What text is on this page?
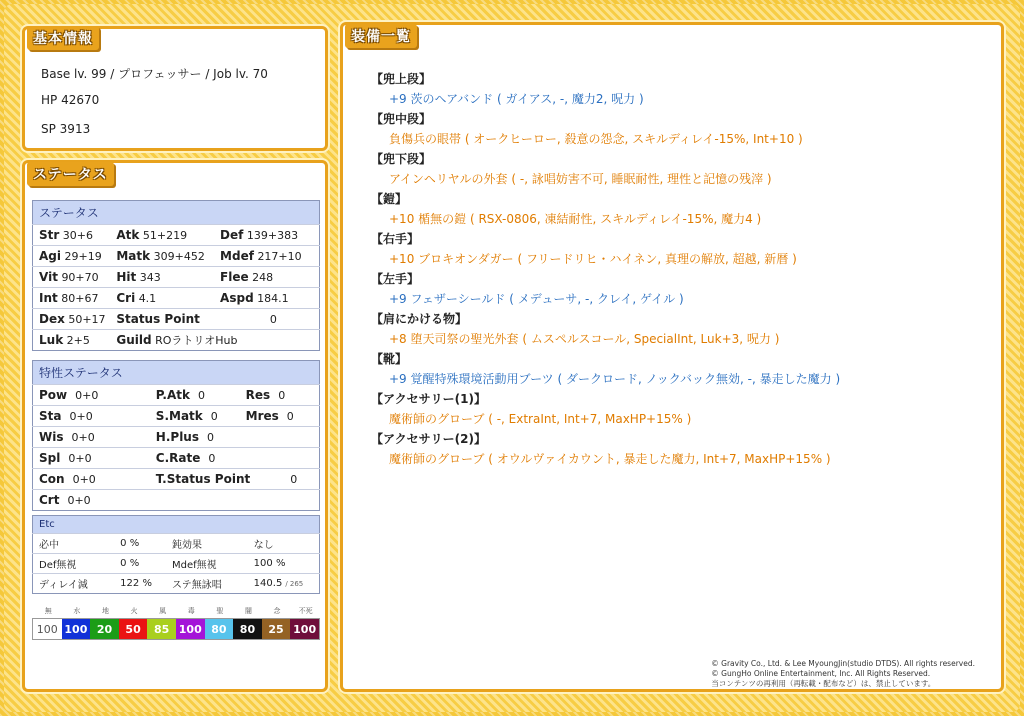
基本情報
Base lv. 99 / プロフェッサー / Job lv. 70
HP 42670
SP 3913
ステータス
ステータス		
Str 30+6	Atk 51+219	Def 139+383
Agi 29+19	Matk 309+452	Mdef 217+10
Vit 90+70	Hit 343	Flee 248
Int 80+67	Cri 4.1	Aspd 184.1
Dex 50+17	Status Point 0	
Luk 2+5	Guild ROラトリオHub	
特性ステータス		
Pow 0+0	P.Atk 0	Res 0
Sta 0+0	S.Matk 0	Mres 0
Wis 0+0	H.Plus 0	
Spl 0+0	C.Rate 0	
Con 0+0	T.Status Point 0	
Crt 0+0		
Etc			
必中	0 %	鈍効果	なし
Def無視	0 %	Mdef無視	100 %
ディレイ減	122 %	ステ無詠唱	140.5 / 265
無	水	地	火	風	毒	聖	闇	念	不死
100 100 20	50	85 100 80	80	25 100
装備一覧
【兜上段】
+9 茨のヘアバンド ( ガイアス, -, 魔力2, 呪力 )
【兜中段】
負傷兵の眼帯 ( オークヒーロー, 殺意の怨念, スキルディレイ-15%, Int+10 )
【兜下段】
アインヘリヤルの外套 ( -, 詠唱妨害不可, 睡眠耐性, 理性と記憶の残滓 )
【鎧】
+10 楯無の鎧 ( RSX-0806, 凍結耐性, スキルディレイ-15%, 魔力4 )
【右手】
+10 ブロキオンダガー ( フリードリヒ・ハイネン, 真理の解放, 超越, 新暦 )
【左手】
+9 フェザーシールド ( メデューサ, -, クレイ, ゲイル )
【肩にかける物】
+8 堕天司祭の聖光外套 ( ムスペルスコール, SpecialInt, Luk+3, 呪力 )
【靴】
+9 覚醒特殊環境活動用ブーツ ( ダークロード, ノックバック無効, -, 暴走した魔力 )
【アクセサリー(1)】
魔術師のグローブ ( -, ExtraInt, Int+7, MaxHP+15% )
【アクセサリー(2)】
魔術師のグローブ ( オウルヴァイカウント, 暴走した魔力, Int+7, MaxHP+15% )
© Gravity Co., Ltd. & Lee MyoungJin(studio DTDS). All rights reserved.
© GungHo Online Entertainment, Inc. All Rights Reserved.
当コンテンツの再利用（再転載・配布など）は、禁止しています。
